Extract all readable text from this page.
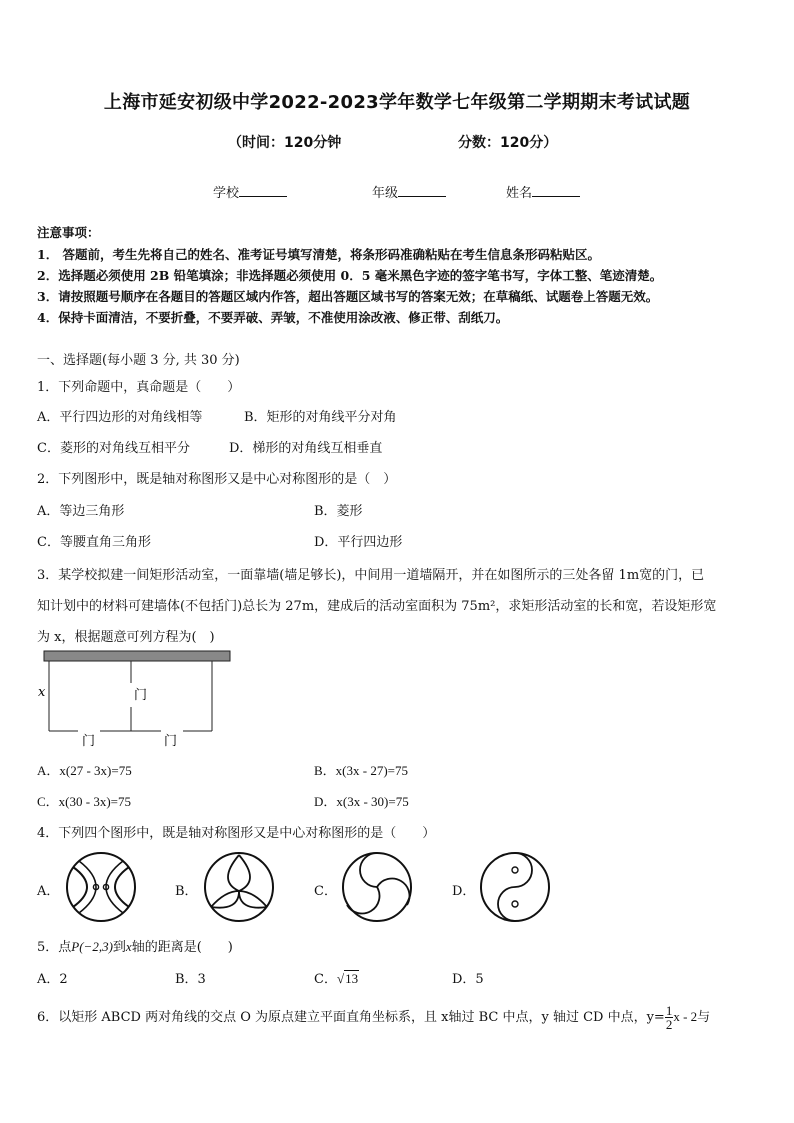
上海市延安初级中学2022-2023学年数学七年级第二学期期末考试试题
（时间：120分钟	分数：120分）
学校	年级	姓名
注意事项：
1． 答题前，考生先将自己的姓名、准考证号填写清楚，将条形码准确粘贴在考生信息条形码粘贴区。
2．选择题必须使用 2B 铅笔填涂；非选择题必须使用 0．5 毫米黑色字迹的签字笔书写，字体工整、笔迹清楚。
3．请按照题号顺序在各题目的答题区域内作答，超出答题区域书写的答案无效；在草稿纸、试题卷上答题无效。
4．保持卡面清洁，不要折叠，不要弄破、弄皱，不准使用涂改液、修正带、刮纸刀。
一、选择题(每小题 3 分, 共 30 分)
1．下列命题中，真命题是（　　）
A．平行四边形的对角线相等	B．矩形的对角线平分对角
C．菱形的对角线互相平分	D．梯形的对角线互相垂直
2．下列图形中，既是轴对称图形又是中心对称图形的是（　）
A．等边三角形	B．菱形
C．等腰直角三角形	D．平行四边形
3．某学校拟建一间矩形活动室，一面靠墙(墙足够长)，中间用一道墙隔开，并在如图所示的三处各留 1m宽的门，已
知计划中的材料可建墙体(不包括门)总长为 27m，建成后的活动室面积为 75m²，求矩形活动室的长和宽，若设矩形宽
为 x，根据题意可列方程为(　)
x	门
门	门
A．x(27 - 3x)=75	B．x(3x - 27)=75
C．x(30 - 3x)=75	D．x(3x - 30)=75
4．下列四个图形中，既是轴对称图形又是中心对称图形的是（　　）
A．	B．	C．	D．
5．点P(−2,3)到x轴的距离是(　　)
A．2	B．3	C．√13	D．5
6．以矩形 ABCD 两对角线的交点 O 为原点建立平面直角坐标系，且 x轴过 BC 中点，y 轴过 CD 中点，$y= \frac{1}{2}$ x - 2与
